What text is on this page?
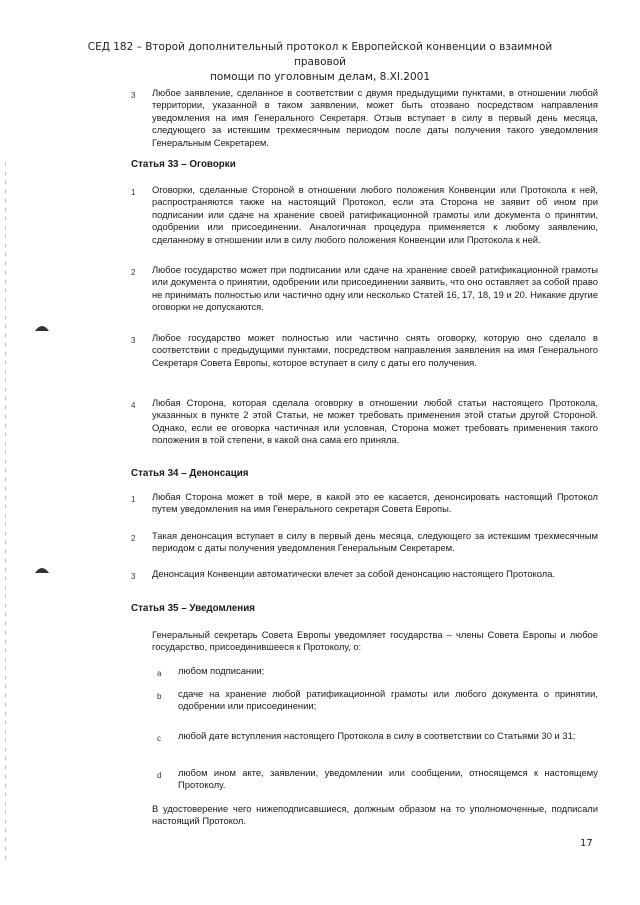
СЕД 182 – Второй дополнительный протокол к Европейской конвенции о взаимной правовой
помощи по уголовным делам, 8.XI.2001
3 Любое заявление, сделанное в соответствии с двумя предыдущими пунктами, в отношении любой территории, указанной в таком заявлении, может быть отозвано посредством направления уведомления на имя Генерального Секретаря. Отзыв вступает в силу в первый день месяца, следующего за истекшим трехмесячным периодом после даты получения такого уведомления Генеральным Секретарем.
Статья 33 – Оговорки
1 Оговорки, сделанные Стороной в отношении любого положения Конвенции или Протокола к ней, распространяются также на настоящий Протокол, если эта Сторона не заявит об ином при подписании или сдаче на хранение своей ратификационной грамоты или документа о принятии, одобрении или присоединении. Аналогичная процедура применяется к любому заявлению, сделанному в отношении или в силу любого положения Конвенции или Протокола к ней.
2 Любое государство может при подписании или сдаче на хранение своей ратификационной грамоты или документа о принятии, одобрении или присоединении заявить, что оно оставляет за собой право не принимать полностью или частично одну или несколько Статей 16, 17, 18, 19 и 20. Никакие другие оговорки не допускаются.
3 Любое государство может полностью или частично снять оговорку, которую оно сделало в соответствии с предыдущими пунктами, посредством направления заявления на имя Генерального Секретаря Совета Европы, которое вступает в силу с даты его получения.
4 Любая Сторона, которая сделала оговорку в отношении любой статьи настоящего Протокола, указанных в пункте 2 этой Статьи, не может требовать применения этой статьи другой Стороной. Однако, если ее оговорка частичная или условная, Сторона может требовать применения такого положения в той степени, в какой она сама его приняла.
Статья 34 – Денонсация
1 Любая Сторона может в той мере, в какой это ее касается, денонсировать настоящий Протокол путем уведомления на имя Генерального секретаря Совета Европы.
2 Такая денонсация вступает в силу в первый день месяца, следующего за истекшим трехмесячным периодом с даты получения уведомления Генеральным Секретарем.
3 Денонсация Конвенции автоматически влечет за собой денонсацию настоящего Протокола.
Статья 35 – Уведомления
Генеральный секретарь Совета Европы уведомляет государства – члены Совета Европы и любое государство, присоединившееся к Протоколу, о:
a любом подписании;
b сдаче на хранение любой ратификационной грамоты или любого документа о принятии, одобрении или присоединении;
c любой дате вступления настоящего Протокола в силу в соответствии со Статьями 30 и 31;
d любом ином акте, заявлении, уведомлении или сообщении, относящемся к настоящему Протоколу.
В удостоверение чего нижеподписавшиеся, должным образом на то уполномоченные, подписали настоящий Протокол.
17
